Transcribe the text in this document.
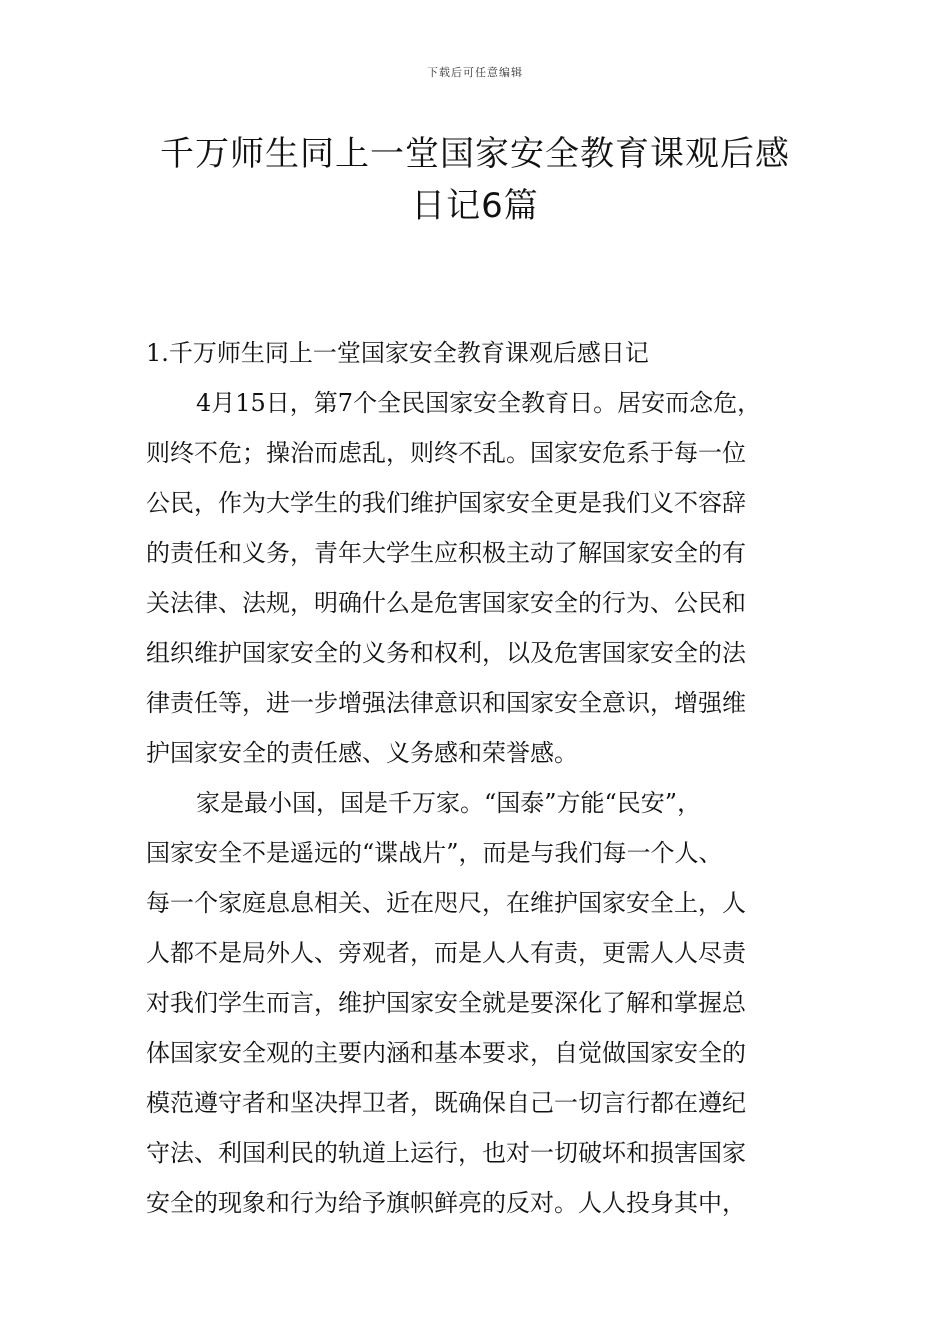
下载后可任意编辑
千万师生同上一堂国家安全教育课观后感
日记6篇
1.千万师生同上一堂国家安全教育课观后感日记
4月15日，第7个全民国家安全教育日。居安而念危，
则终不危；操治而虑乱，则终不乱。国家安危系于每一位
公民，作为大学生的我们维护国家安全更是我们义不容辞
的责任和义务，青年大学生应积极主动了解国家安全的有
关法律、法规，明确什么是危害国家安全的行为、公民和
组织维护国家安全的义务和权利，以及危害国家安全的法
律责任等，进一步增强法律意识和国家安全意识，增强维
护国家安全的责任感、义务感和荣誉感。
家是最小国，国是千万家。“国泰”方能“民安”，
国家安全不是遥远的“谍战片”，而是与我们每一个人、
每一个家庭息息相关、近在咫尺，在维护国家安全上，人
人都不是局外人、旁观者，而是人人有责，更需人人尽责
对我们学生而言，维护国家安全就是要深化了解和掌握总
体国家安全观的主要内涵和基本要求，自觉做国家安全的
模范遵守者和坚决捍卫者，既确保自己一切言行都在遵纪
守法、利国利民的轨道上运行，也对一切破坏和损害国家
安全的现象和行为给予旗帜鲜亮的反对。人人投身其中，
